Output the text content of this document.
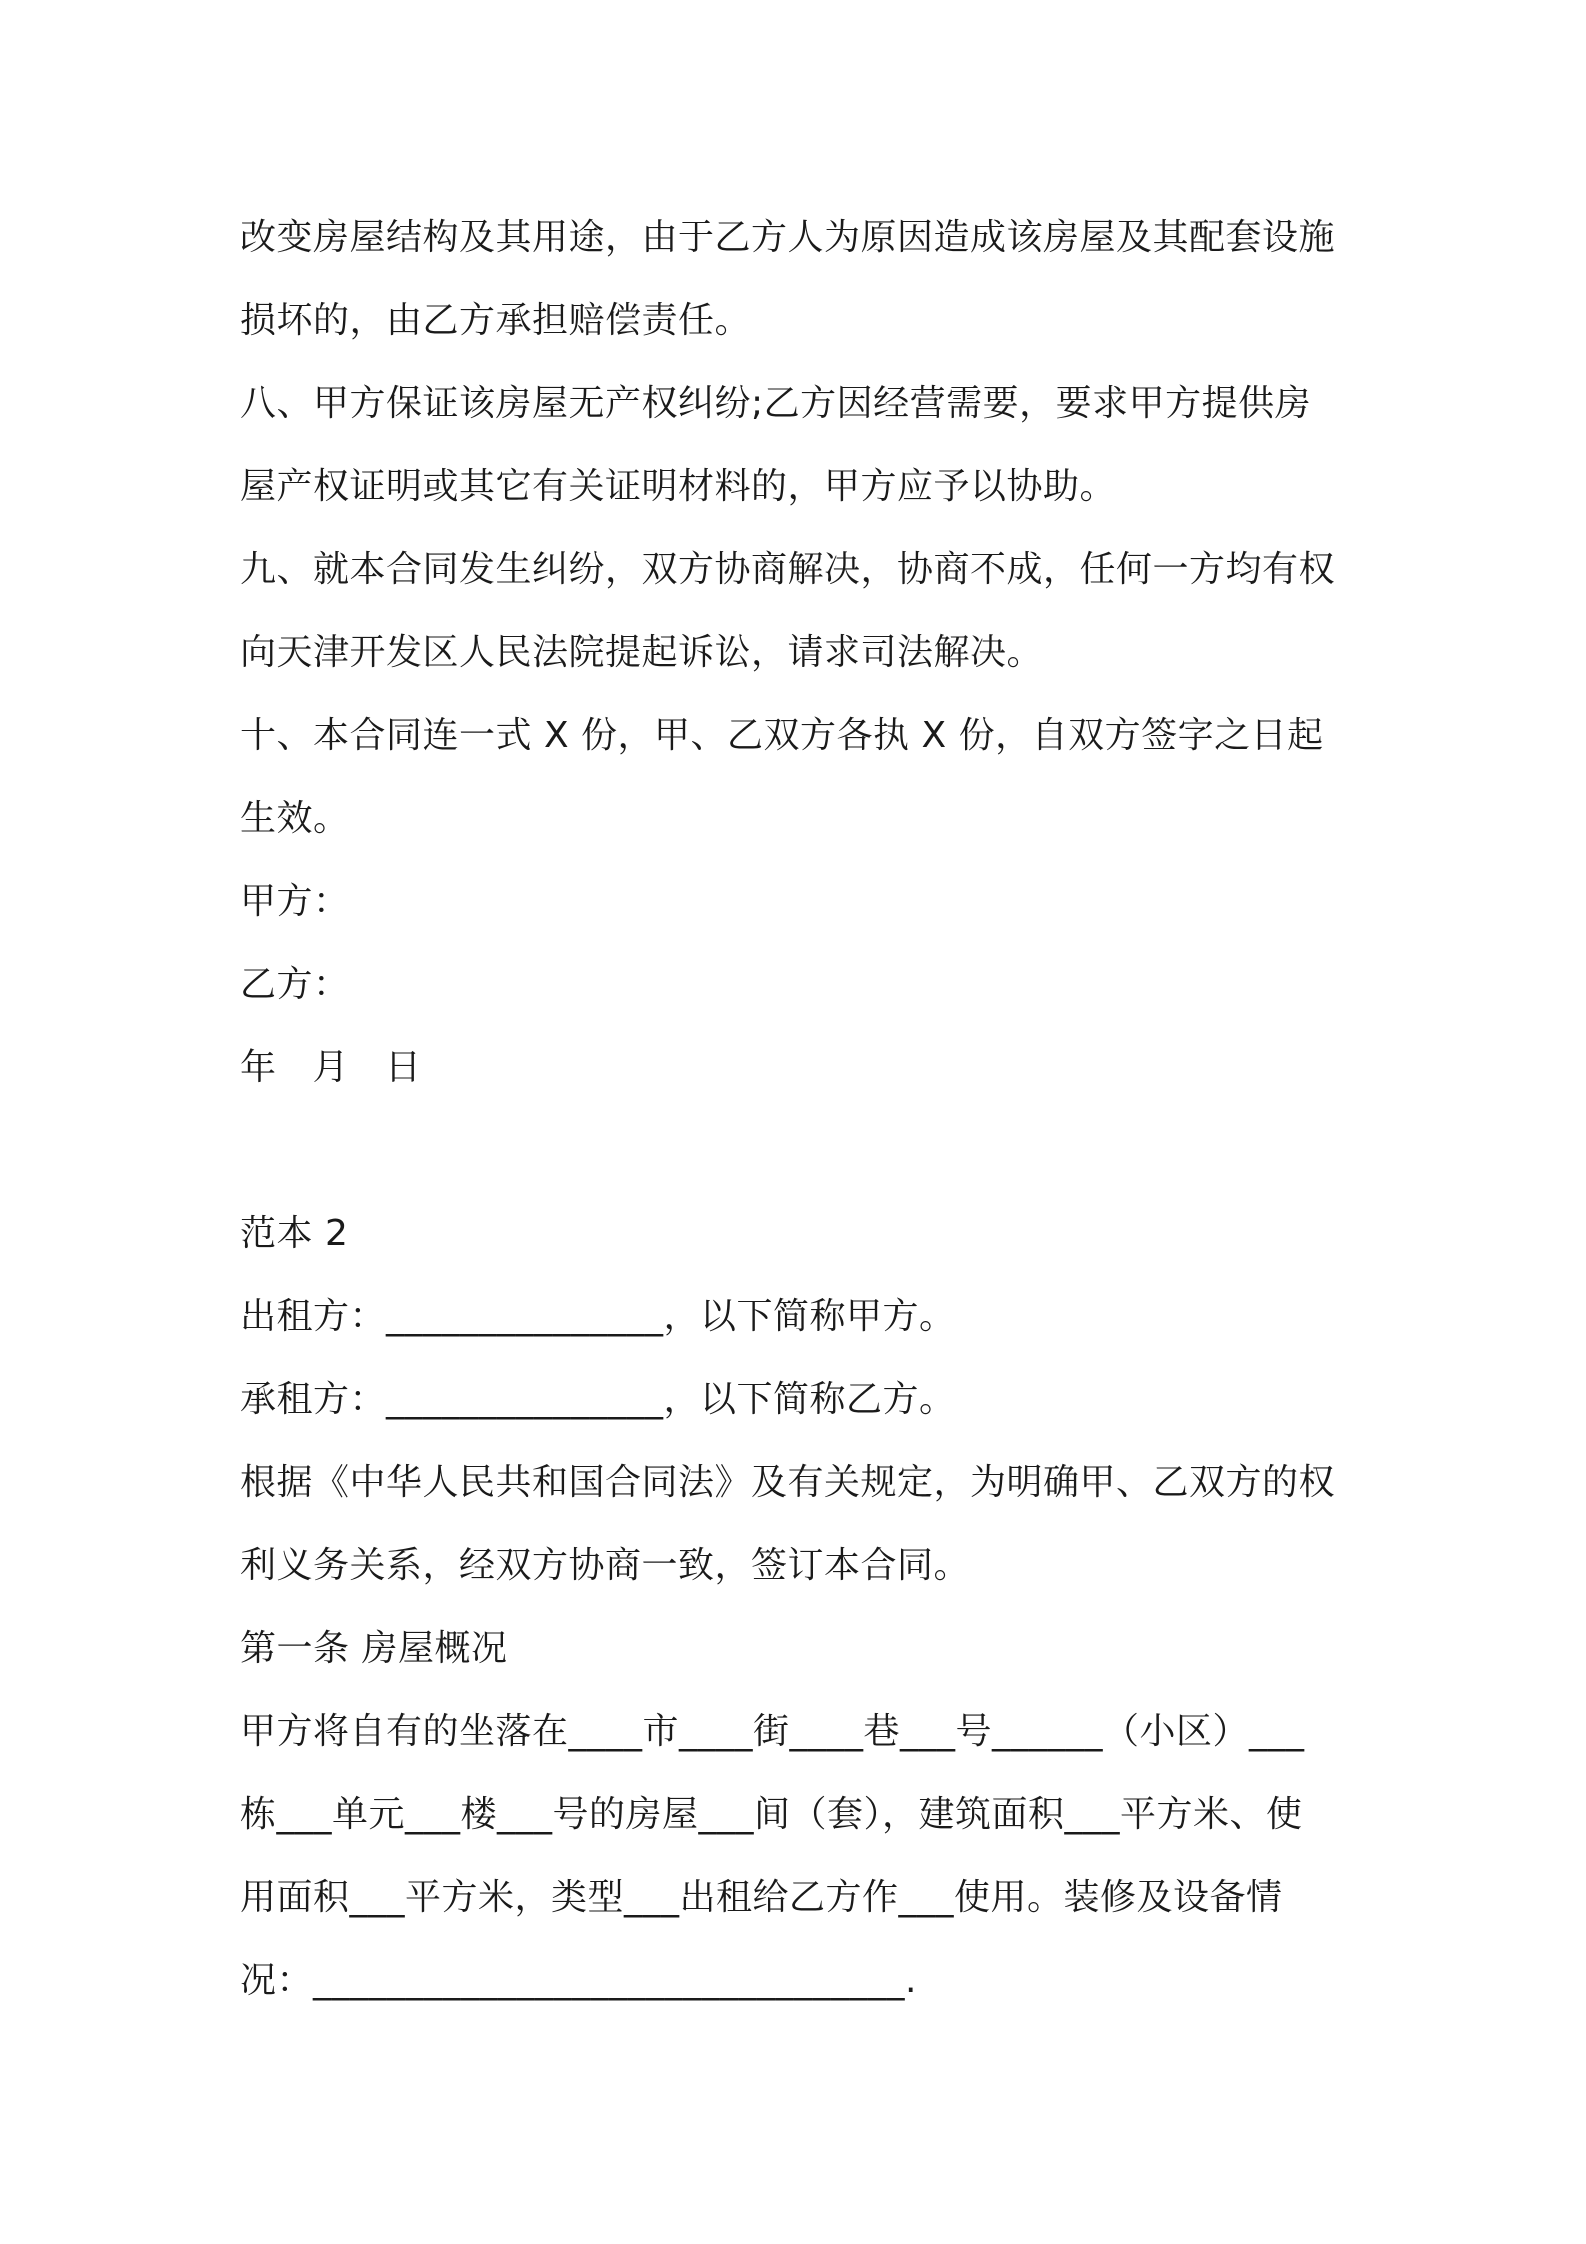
改变房屋结构及其用途，由于乙方人为原因造成该房屋及其配套设施
损坏的，由乙方承担赔偿责任。
八、甲方保证该房屋无产权纠纷;乙方因经营需要，要求甲方提供房
屋产权证明或其它有关证明材料的，甲方应予以协助。
九、就本合同发生纠纷，双方协商解决，协商不成，任何一方均有权
向天津开发区人民法院提起诉讼，请求司法解决。
十、本合同连一式 X 份，甲、乙双方各执 X 份，自双方签字之日起
生效。
甲方：
乙方：
年 月 日
范本 2
出租方：_______________，以下简称甲方。
承租方：_______________，以下简称乙方。
根据《中华人民共和国合同法》及有关规定，为明确甲、乙双方的权
利义务关系，经双方协商一致，签订本合同。
第一条 房屋概况
甲方将自有的坐落在____市____街____巷___号______（小区）___
栋___单元___楼___号的房屋___间（套），建筑面积___平方米、使
用面积___平方米，类型___出租给乙方作___使用。装修及设备情
况：________________________________.
